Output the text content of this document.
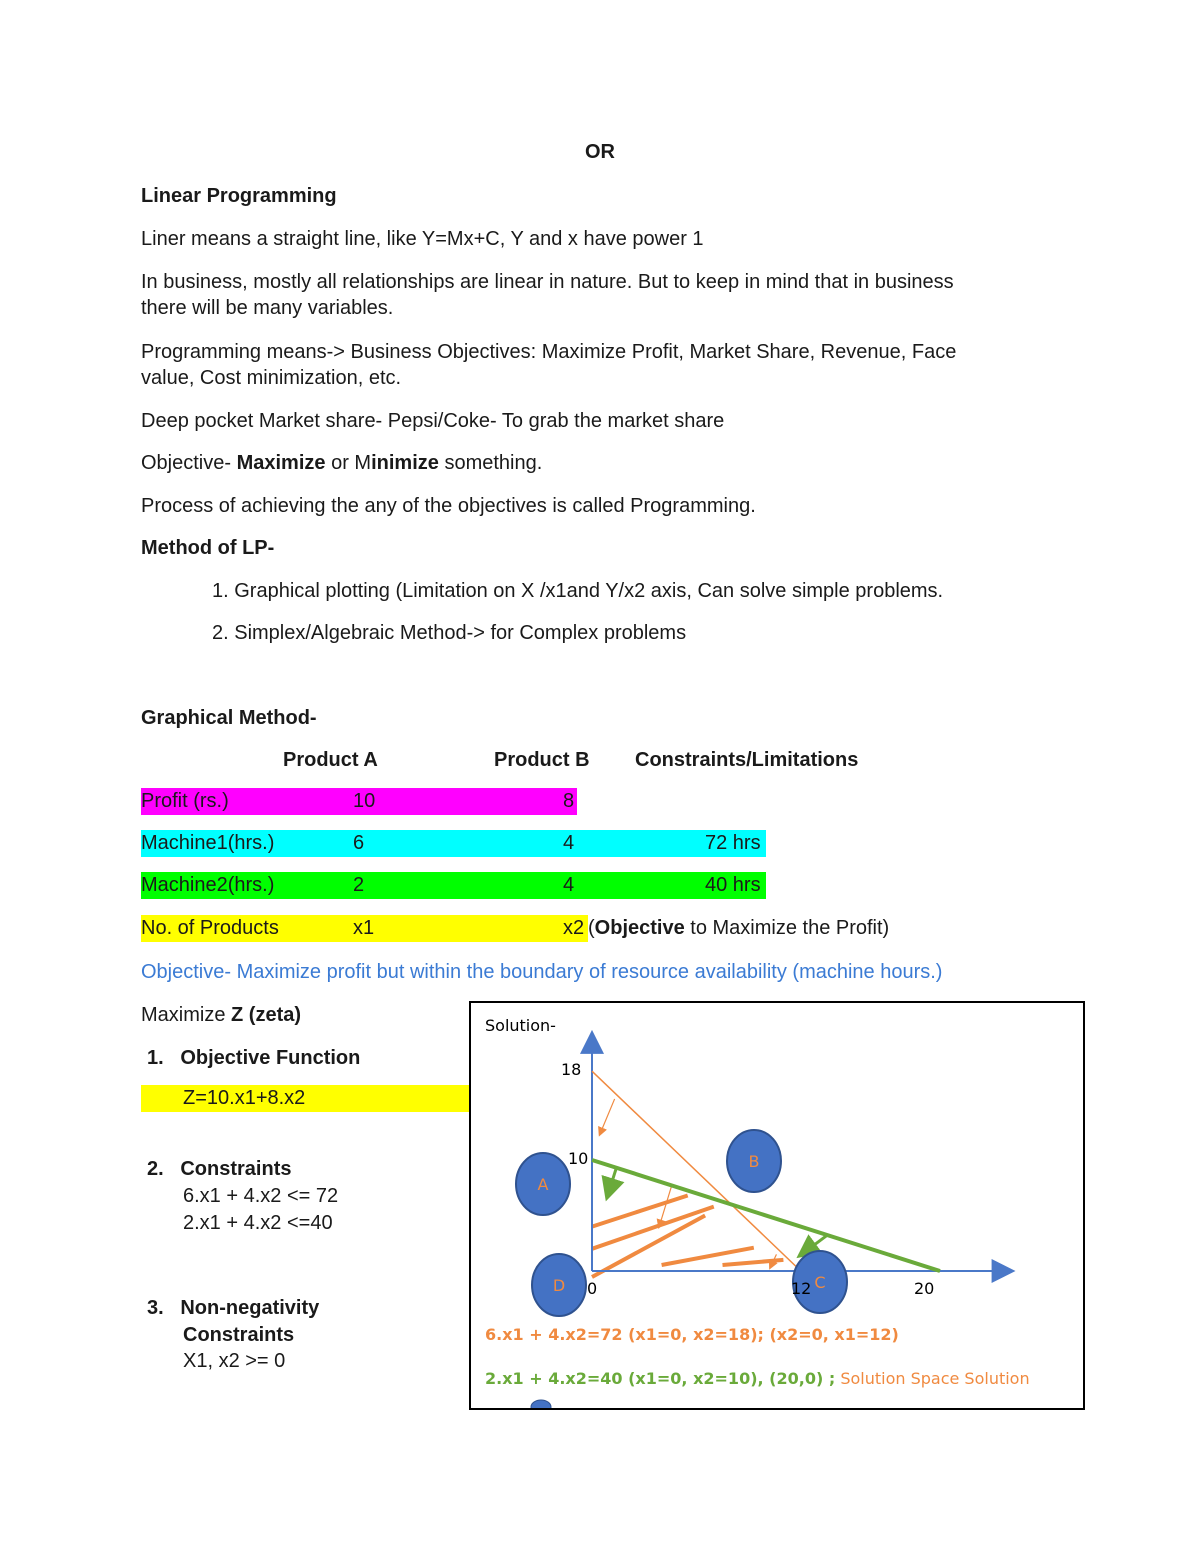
OR
Linear Programming
Liner means a straight line, like Y=Mx+C, Y and x have power 1
In business, mostly all relationships are linear in nature. But to keep in mind that in business
there will be many variables.
Programming means-> Business Objectives: Maximize Profit, Market Share, Revenue, Face
value, Cost minimization, etc.
Deep pocket Market share- Pepsi/Coke- To grab the market share
Objective- Maximize or Minimize something.
Process of achieving the any of the objectives is called Programming.
Method of LP-
1. Graphical plotting (Limitation on X /x1and Y/x2 axis, Can solve simple problems.
2. Simplex/Algebraic Method-> for Complex problems
Graphical Method-
Product A	Product B Constraints/Limitations
Profit (rs.)	10	8
Machine1(hrs.)	6	4	72 hrs
Machine2(hrs.)	2	4	40 hrs
No. of Products	x1	x2 (Objective to Maximize the Profit)
Objective- Maximize profit but within the boundary of resource availability (machine hours.)
Maximize Z (zeta)
1.   Objective Function
Z=10.x1+8.x2
2.   Constraints
6.x1 + 4.x2 <= 72
2.x1 + 4.x2 <=40
3.   Non-negativity
Constraints
X1, x2 >= 0
A
B
C
D
Solution-
18
10
0	12	20
6.x1 + 4.x2=72 (x1=0, x2=18); (x2=0, x1=12)
2.x1 + 4.x2=40 (x1=0, x2=10), (20,0) ; Solution Space Solution
